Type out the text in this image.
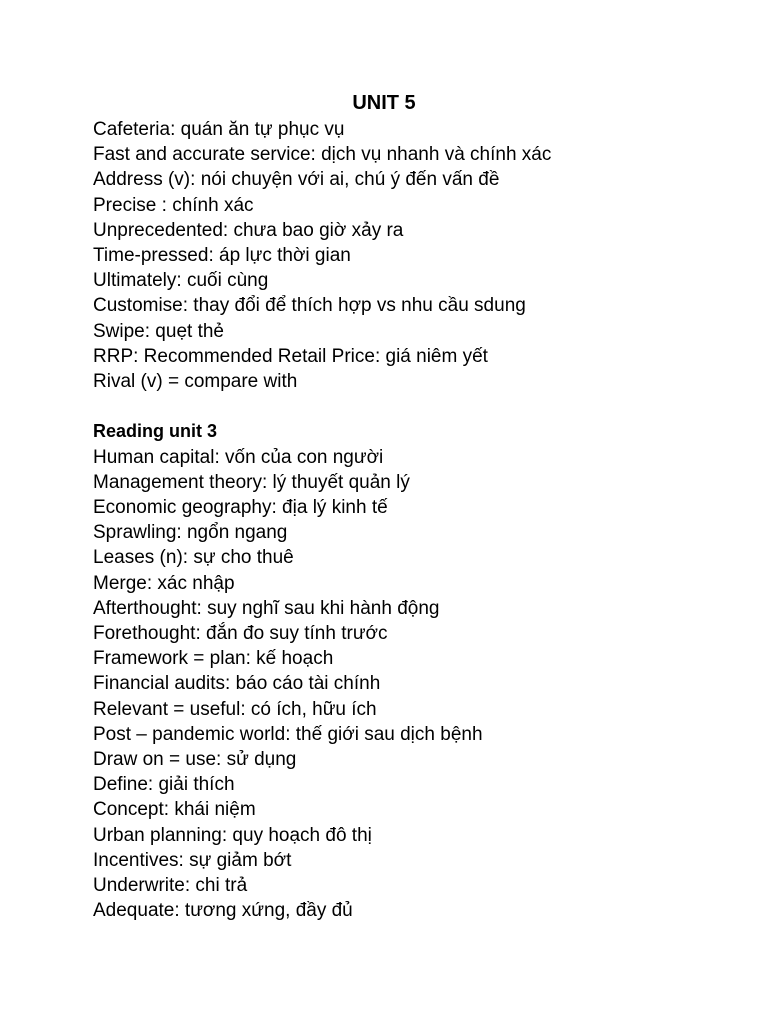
UNIT 5
Cafeteria: quán ăn tự phục vụ
Fast and accurate service: dịch vụ nhanh và chính xác
Address (v): nói chuyện với ai, chú ý đến vấn đề
Precise : chính xác
Unprecedented: chưa bao giờ xảy ra
Time-pressed: áp lực thời gian
Ultimately: cuối cùng
Customise: thay đổi để thích hợp vs nhu cầu sdung
Swipe: quẹt thẻ
RRP: Recommended Retail Price: giá niêm yết
Rival (v) = compare with
Reading unit 3
Human capital: vốn của con người
Management theory: lý thuyết quản lý
Economic geography: địa lý kinh tế
Sprawling: ngổn ngang
Leases (n): sự cho thuê
Merge: xác nhập
Afterthought: suy nghĩ sau khi hành động
Forethought: đắn đo suy tính trước
Framework = plan: kế hoạch
Financial audits: báo cáo tài chính
Relevant = useful: có ích, hữu ích
Post – pandemic world: thế giới sau dịch bệnh
Draw on = use: sử dụng
Define: giải thích
Concept: khái niệm
Urban planning: quy hoạch đô thị
Incentives: sự giảm bớt
Underwrite: chi trả
Adequate: tương xứng, đầy đủ
